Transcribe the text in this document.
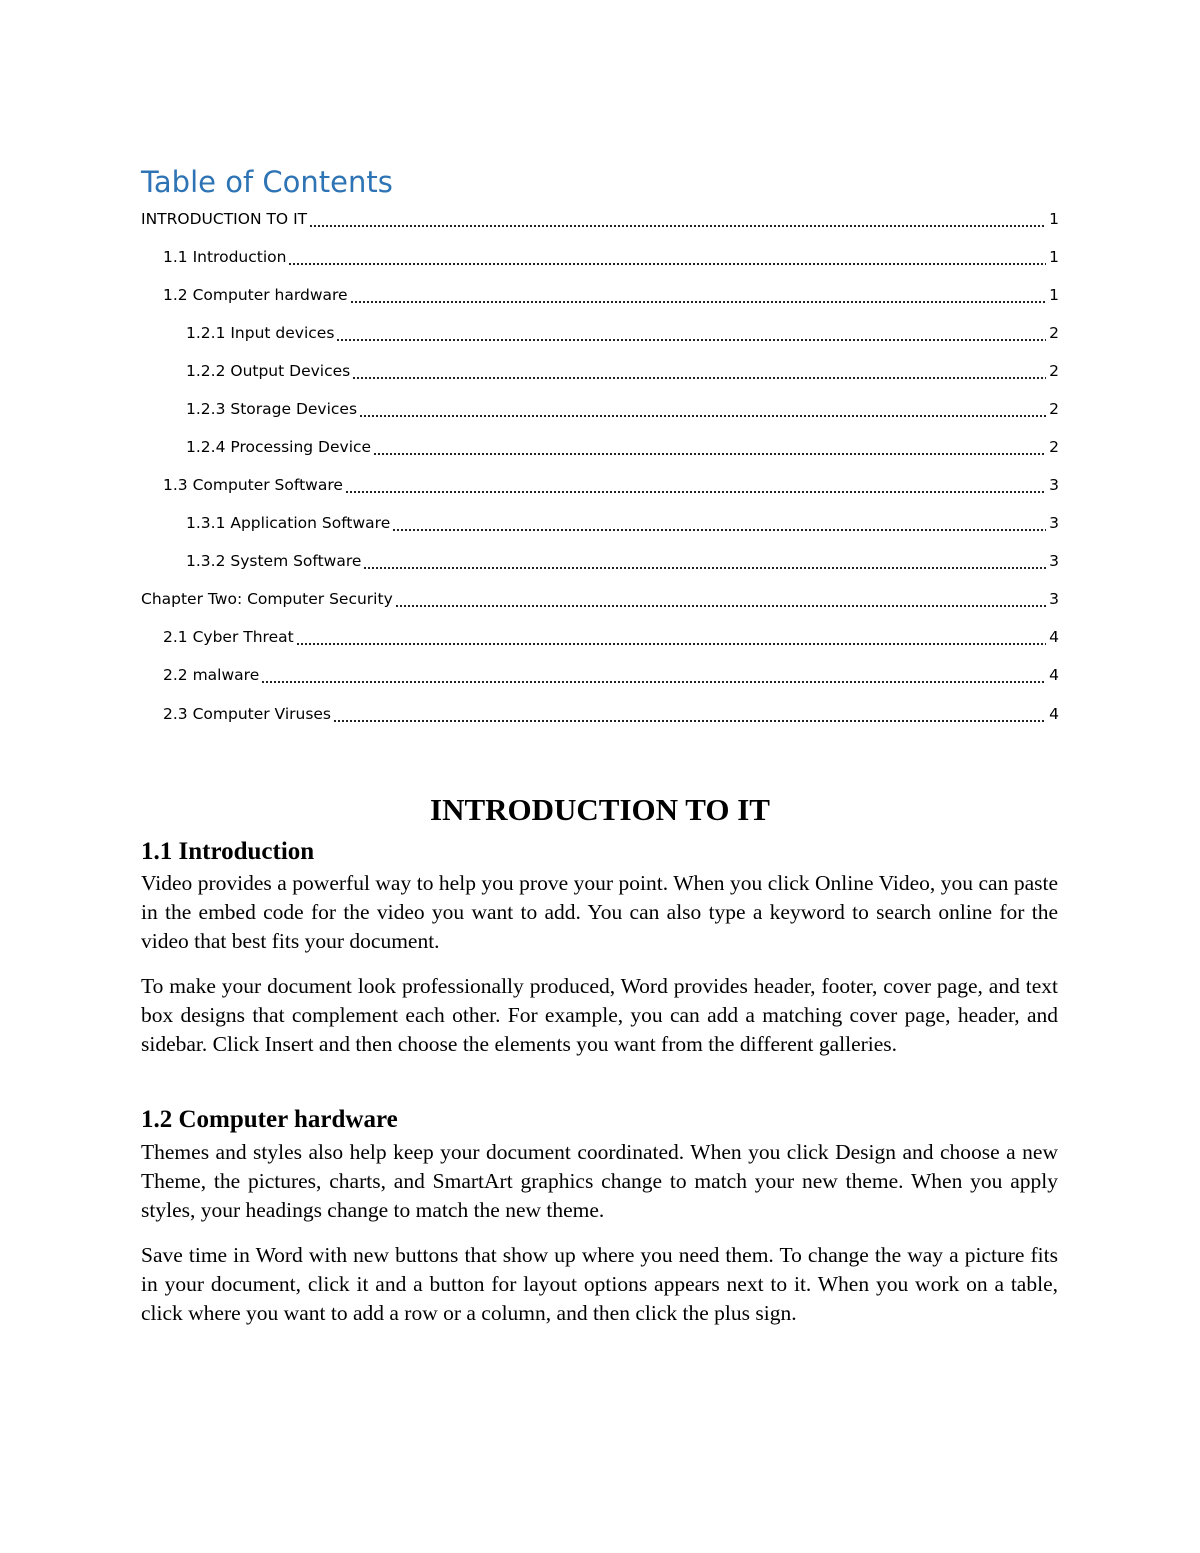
Table of Contents
INTRODUCTION TO IT	1
1.1 Introduction	1
1.2 Computer hardware	1
1.2.1 Input devices	2
1.2.2 Output Devices	2
1.2.3 Storage Devices	2
1.2.4 Processing Device	2
1.3 Computer Software	3
1.3.1 Application Software	3
1.3.2 System Software	3
Chapter Two: Computer Security	3
2.1 Cyber Threat	4
2.2 malware	4
2.3 Computer Viruses	4
INTRODUCTION TO IT
1.1 Introduction

Video provides a powerful way to help you prove your point. When you click Online Video, you can paste in the embed code for the video you want to add. You can also type a keyword to search online for the video that best fits your document.

To make your document look professionally produced, Word provides header, footer, cover page, and text box designs that complement each other. For example, you can add a matching cover page, header, and sidebar. Click Insert and then choose the elements you want from the different galleries.

1.2 Computer hardware

Themes and styles also help keep your document coordinated. When you click Design and choose a new Theme, the pictures, charts, and SmartArt graphics change to match your new theme. When you apply styles, your headings change to match the new theme.

Save time in Word with new buttons that show up where you need them. To change the way a picture fits in your document, click it and a button for layout options appears next to it. When you work on a table, click where you want to add a row or a column, and then click the plus sign.
